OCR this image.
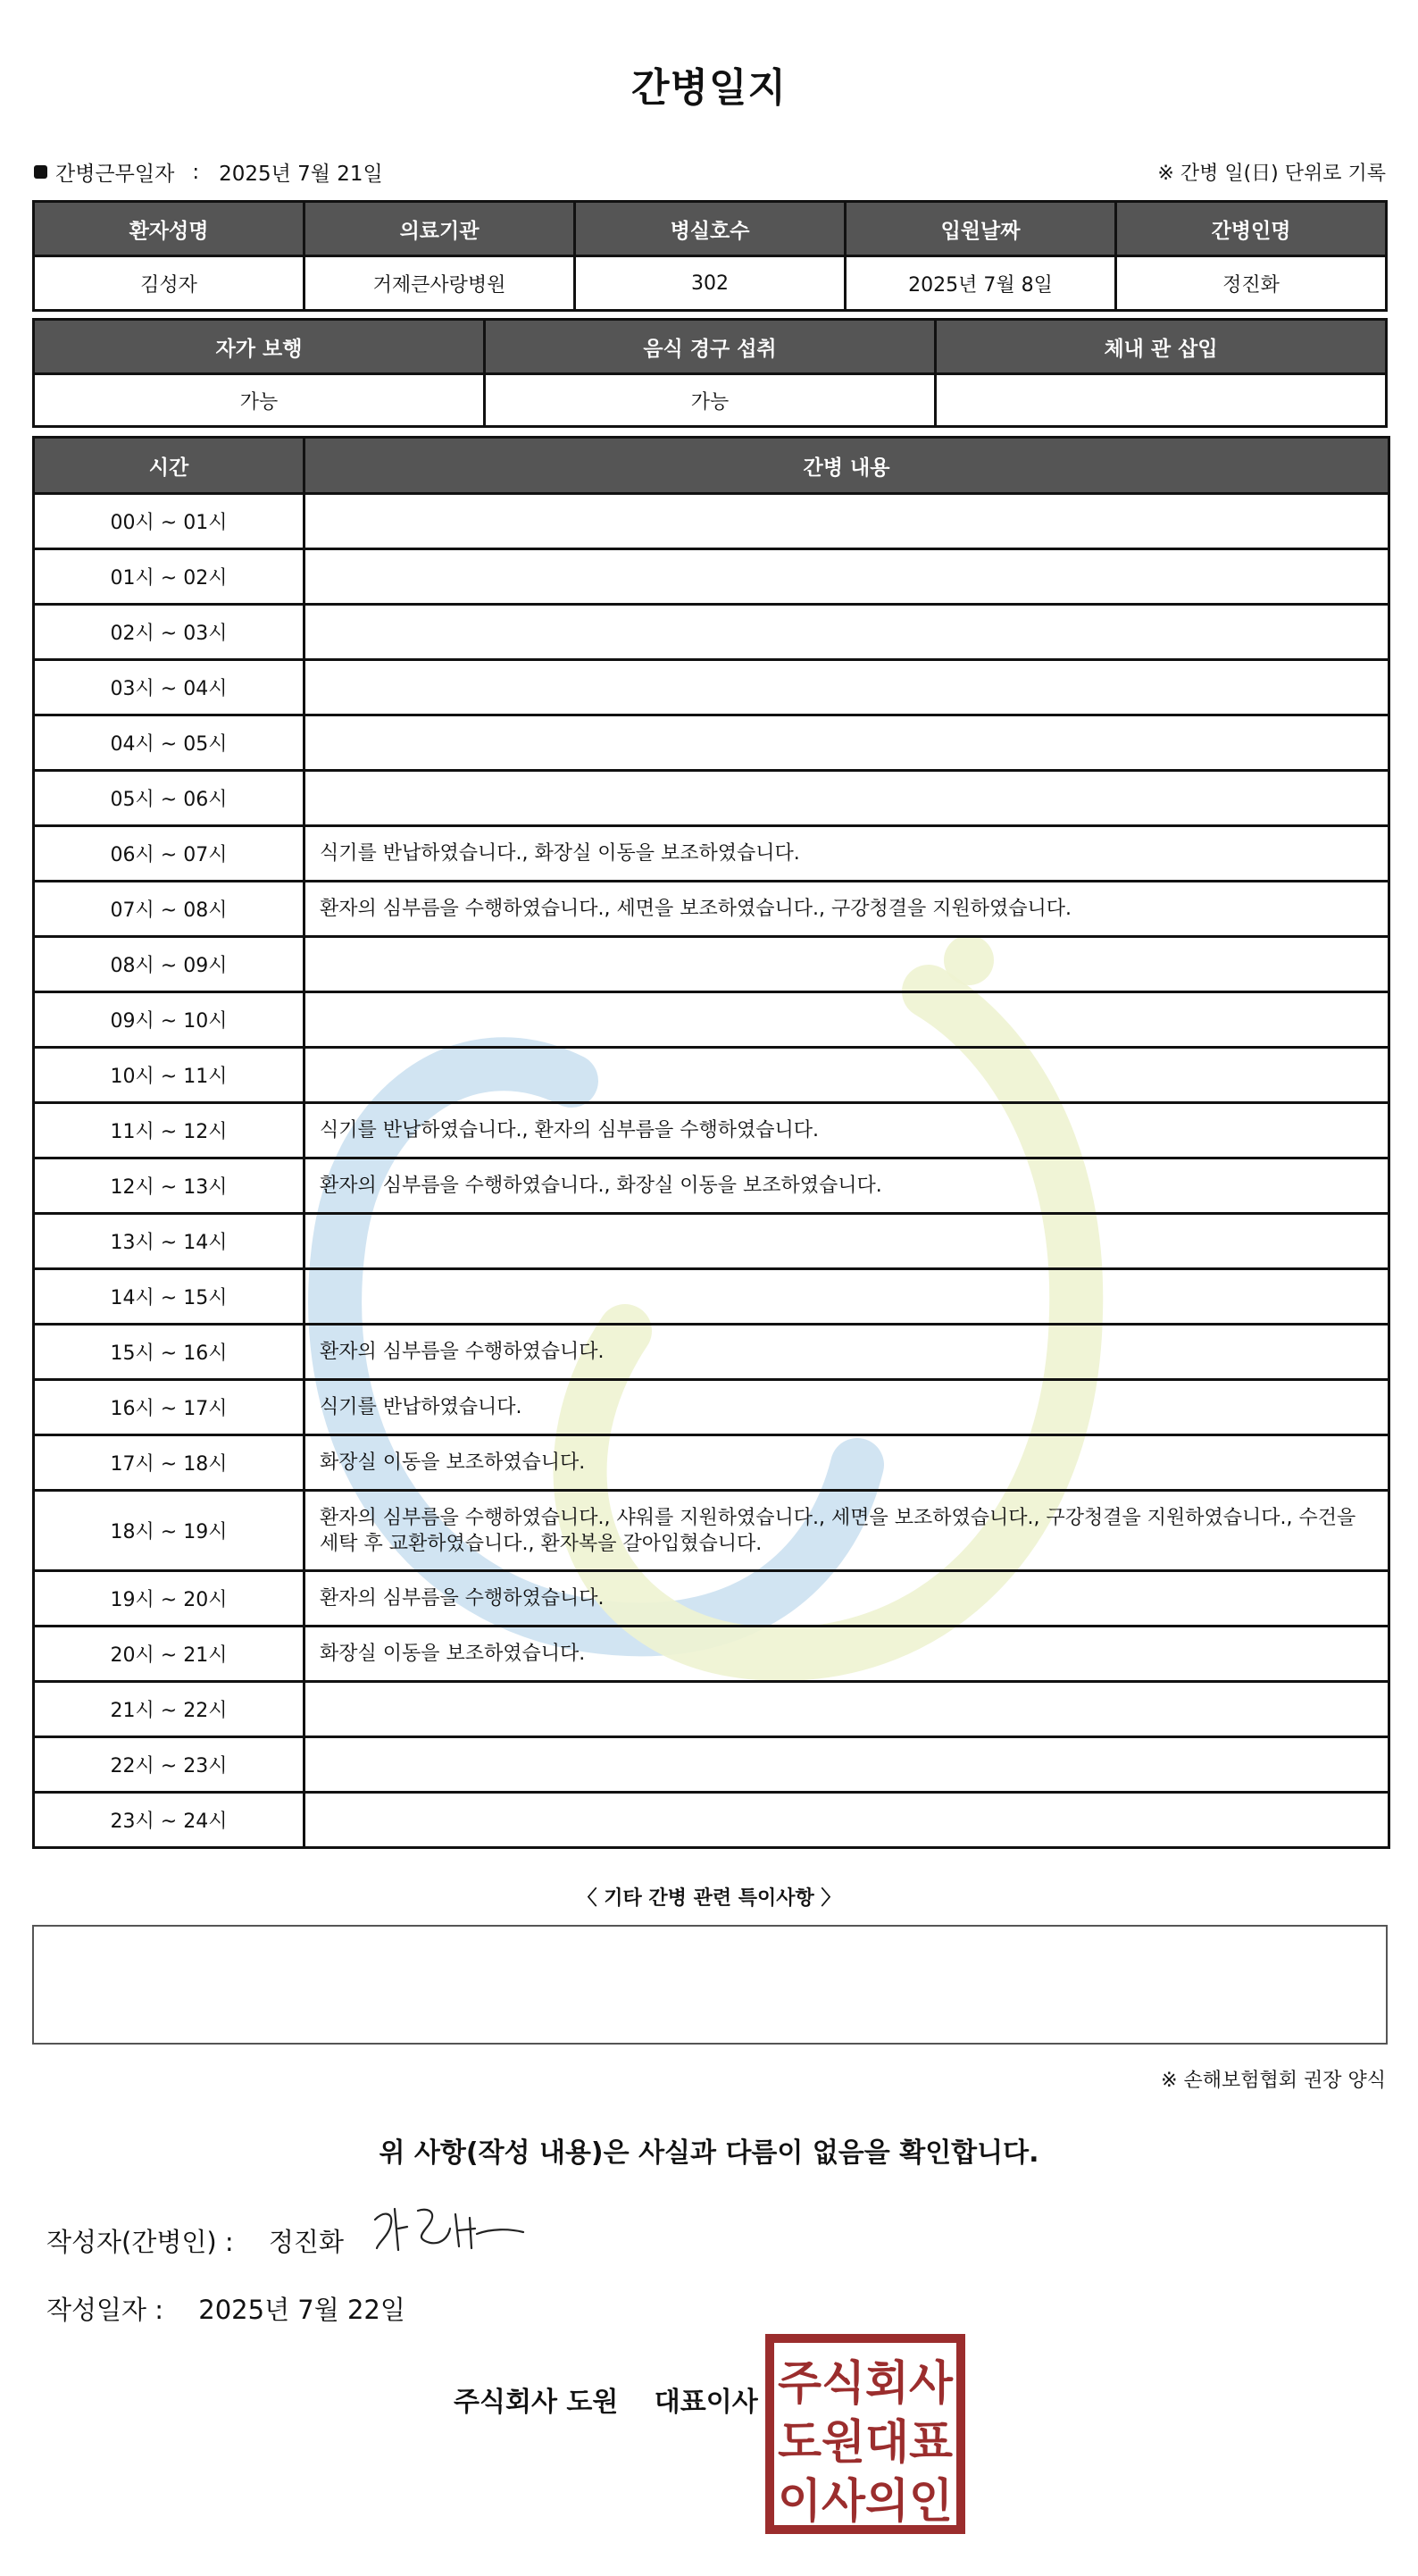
간병일지
간병근무일자 : 2025년 7월 21일	※ 간병 일(日) 단위로 기록
환자성명	의료기관	병실호수	입원날짜	간병인명
김성자	거제큰사랑병원	302	2025년 7월 8일	정진화
자가 보행	음식 경구 섭취	체내 관 삽입
가능	가능	
시간	간병 내용
00시 ~ 01시	
01시 ~ 02시	
02시 ~ 03시	
03시 ~ 04시	
04시 ~ 05시	
05시 ~ 06시	
06시 ~ 07시	식기를 반납하였습니다., 화장실 이동을 보조하였습니다.
07시 ~ 08시	환자의 심부름을 수행하였습니다., 세면을 보조하였습니다., 구강청결을 지원하였습니다.
08시 ~ 09시	
09시 ~ 10시	
10시 ~ 11시	
11시 ~ 12시	식기를 반납하였습니다., 환자의 심부름을 수행하였습니다.
12시 ~ 13시	환자의 심부름을 수행하였습니다., 화장실 이동을 보조하였습니다.
13시 ~ 14시	
14시 ~ 15시	
15시 ~ 16시	환자의 심부름을 수행하였습니다.
16시 ~ 17시	식기를 반납하였습니다.
17시 ~ 18시	화장실 이동을 보조하였습니다.
18시 ~ 19시	환자의 심부름을 수행하였습니다., 샤워를 지원하였습니다., 세면을 보조하였습니다., 구강청결을 지원하였습니다., 수건을 세탁 후 교환하였습니다., 환자복을 갈아입혔습니다.
19시 ~ 20시	환자의 심부름을 수행하였습니다.
20시 ~ 21시	화장실 이동을 보조하였습니다.
21시 ~ 22시	
22시 ~ 23시	
23시 ~ 24시	
〈 기타 간병 관련 특이사항 〉
※ 손해보험협회 권장 양식
위 사항(작성 내용)은 사실과 다름이 없음을 확인합니다.
작성자(간병인) : 정진화
작성일자 : 2025년 7월 22일
주식회사 도원 대표이사 주식회사
도원대표
이사의인
